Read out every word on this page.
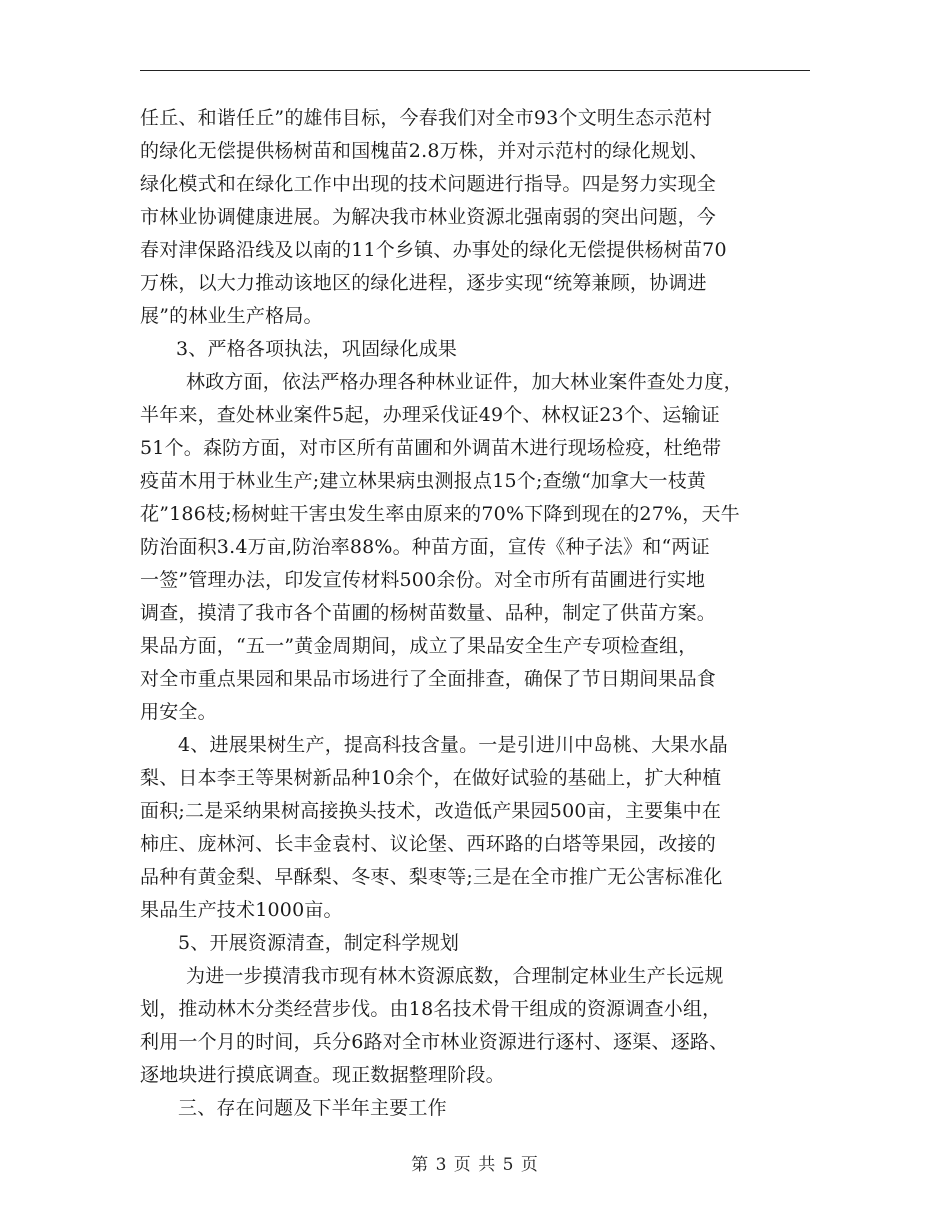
任丘、和谐任丘”的雄伟目标，今春我们对全市93个文明生态示范村
的绿化无偿提供杨树苗和国槐苗2.8万株，并对示范村的绿化规划、
绿化模式和在绿化工作中出现的技术问题进行指导。四是努力实现全
市林业协调健康进展。为解决我市林业资源北强南弱的突出问题，今
春对津保路沿线及以南的11个乡镇、办事处的绿化无偿提供杨树苗70
万株，以大力推动该地区的绿化进程，逐步实现“统筹兼顾，协调进
展”的林业生产格局。
3、严格各项执法，巩固绿化成果
林政方面，依法严格办理各种林业证件，加大林业案件查处力度，
半年来，查处林业案件5起，办理采伐证49个、林权证23个、运输证
51个。森防方面，对市区所有苗圃和外调苗木进行现场检疫，杜绝带
疫苗木用于林业生产;建立林果病虫测报点15个;查缴“加拿大一枝黄
花”186枝;杨树蛀干害虫发生率由原来的70%下降到现在的27%，天牛
防治面积3.4万亩,防治率88%。种苗方面，宣传《种子法》和“两证
一签”管理办法，印发宣传材料500余份。对全市所有苗圃进行实地
调查，摸清了我市各个苗圃的杨树苗数量、品种，制定了供苗方案。
果品方面，“五一”黄金周期间，成立了果品安全生产专项检查组，
对全市重点果园和果品市场进行了全面排查，确保了节日期间果品食
用安全。
4、进展果树生产，提高科技含量。一是引进川中岛桃、大果水晶
梨、日本李王等果树新品种10余个，在做好试验的基础上，扩大种植
面积;二是采纳果树高接换头技术，改造低产果园500亩，主要集中在
柿庄、庞林河、长丰金袁村、议论堡、西环路的白塔等果园，改接的
品种有黄金梨、早酥梨、冬枣、梨枣等;三是在全市推广无公害标准化
果品生产技术1000亩。
5、开展资源清查，制定科学规划
为进一步摸清我市现有林木资源底数，合理制定林业生产长远规
划，推动林木分类经营步伐。由18名技术骨干组成的资源调查小组，
利用一个月的时间，兵分6路对全市林业资源进行逐村、逐渠、逐路、
逐地块进行摸底调查。现正数据整理阶段。
三、存在问题及下半年主要工作
第 3 页 共 5 页
